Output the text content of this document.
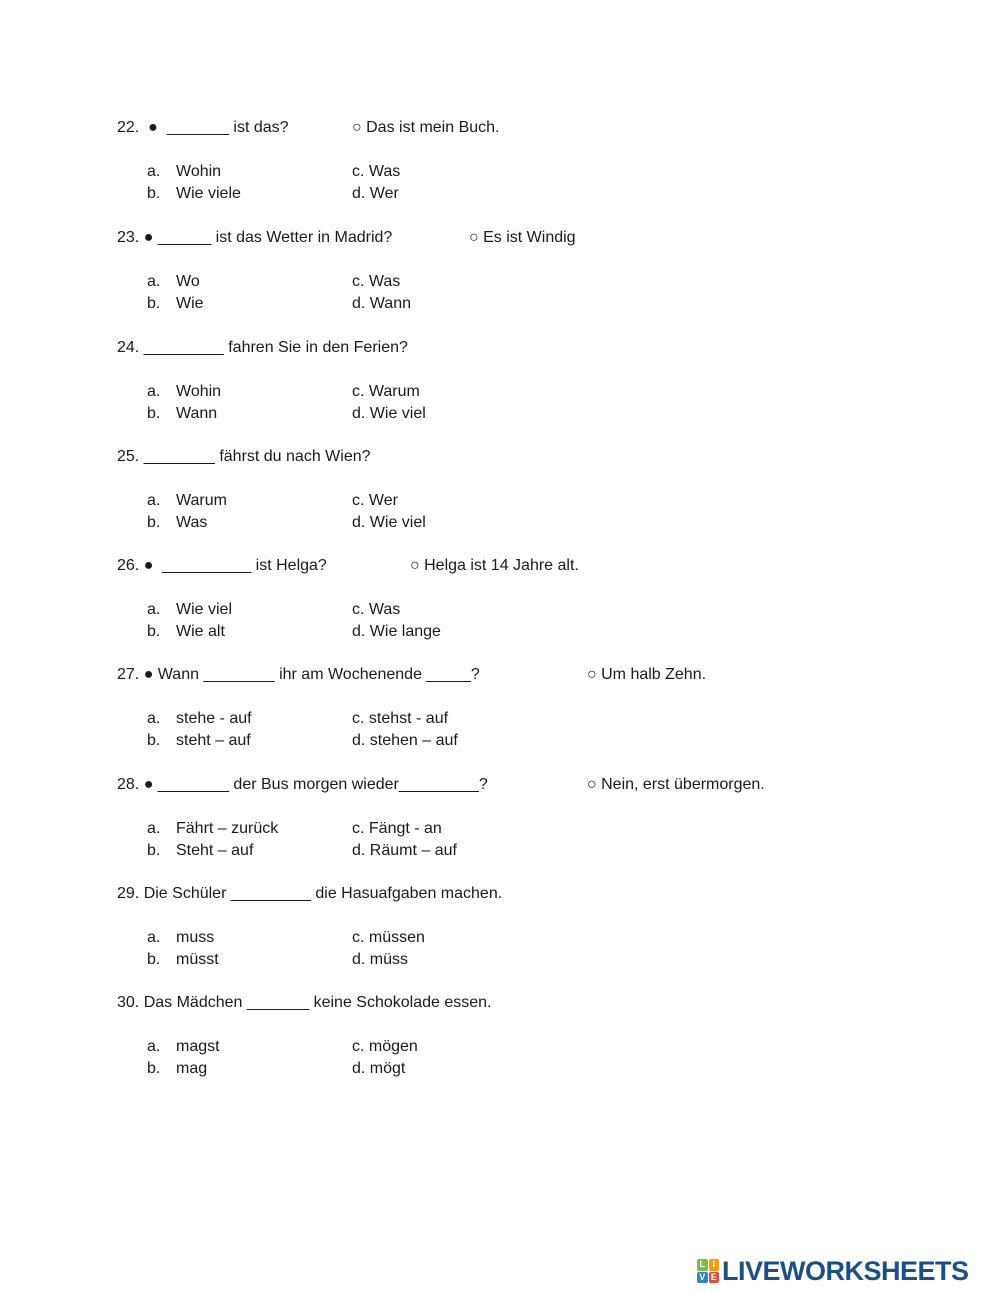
22.  ●  _______ ist das?	○ Das ist mein Buch.
a. Wohin
b. Wie viele
c. Was
d. Wer
23. ● ______ ist das Wetter in Madrid?	○ Es ist Windig
a. Wo
b. Wie
c. Was
d. Wann
24. _________ fahren Sie in den Ferien?
a. Wohin
b. Wann
c. Warum
d. Wie viel
25. ________ fährst du nach Wien?
a. Warum
b. Was
c. Wer
d. Wie viel
26. ●  __________ ist Helga?	○ Helga ist 14 Jahre alt.
a. Wie viel
b. Wie alt
c. Was
d. Wie lange
27. ● Wann ________ ihr am Wochenende _____?	○ Um halb Zehn.
a. stehe - auf
b. steht – auf
c. stehst - auf
d. stehen – auf
28. ● ________ der Bus morgen wieder_________?	○ Nein, erst übermorgen.
a. Fährt – zurück
b. Steht – auf
c. Fängt - an
d. Räumt – auf
29. Die Schüler _________ die Hasuafgaben machen.
a. muss
b. müsst
c. müssen
d. müss
30. Das Mädchen _______ keine Schokolade essen.
a. magst
b. mag
c. mögen
d. mögt
L I
V E LIVEWORKSHEETS
